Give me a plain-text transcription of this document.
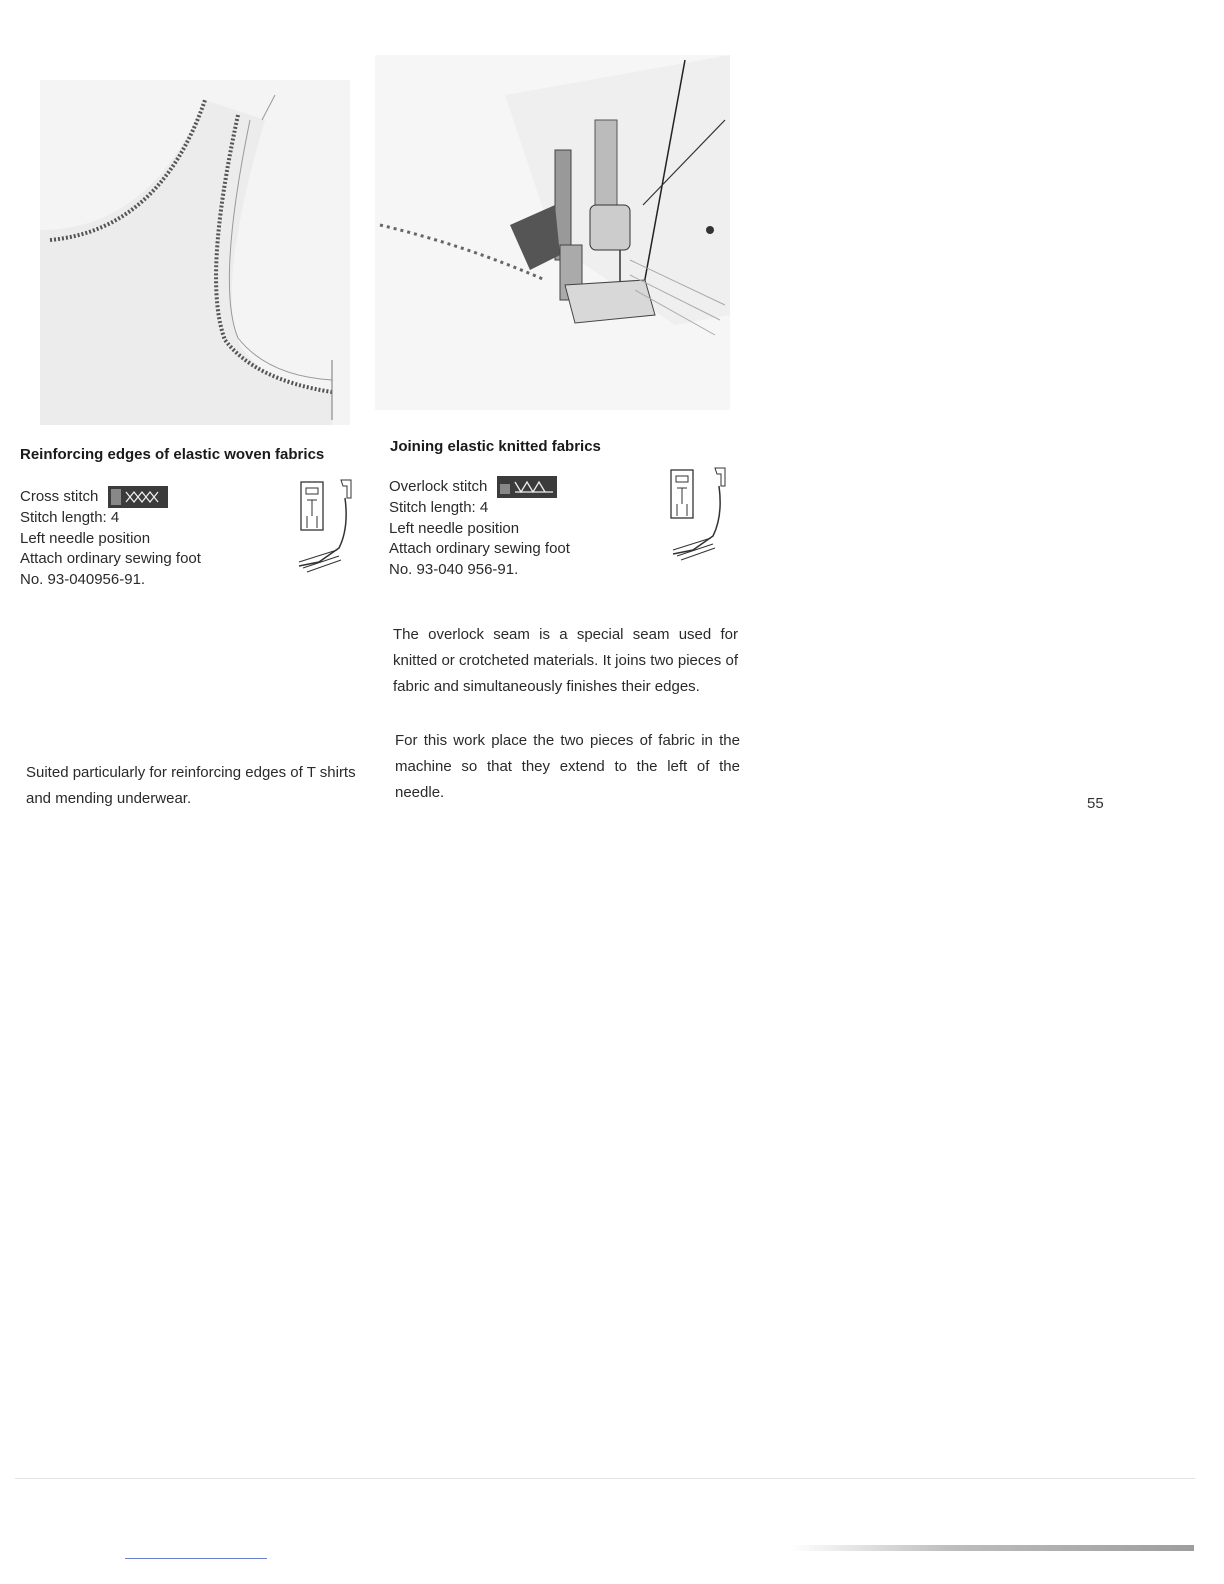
Reinforcing edges of elastic woven fabrics
Cross stitch
Stitch length: 4
Left needle position
Attach ordinary sewing foot
No. 93-040956-91.
Suited particularly for reinforcing edges of T shirts and mending underwear.
Joining elastic knitted fabrics
Overlock stitch
Stitch length: 4
Left needle position
Attach ordinary sewing foot
No. 93-040 956-91.
The overlock seam is a special seam used for knitted or crotcheted materials. It joins two pieces of fabric and simultaneously finishes their edges.
For this work place the two pieces of fabric in the machine so that they extend to the left of the needle.
55
